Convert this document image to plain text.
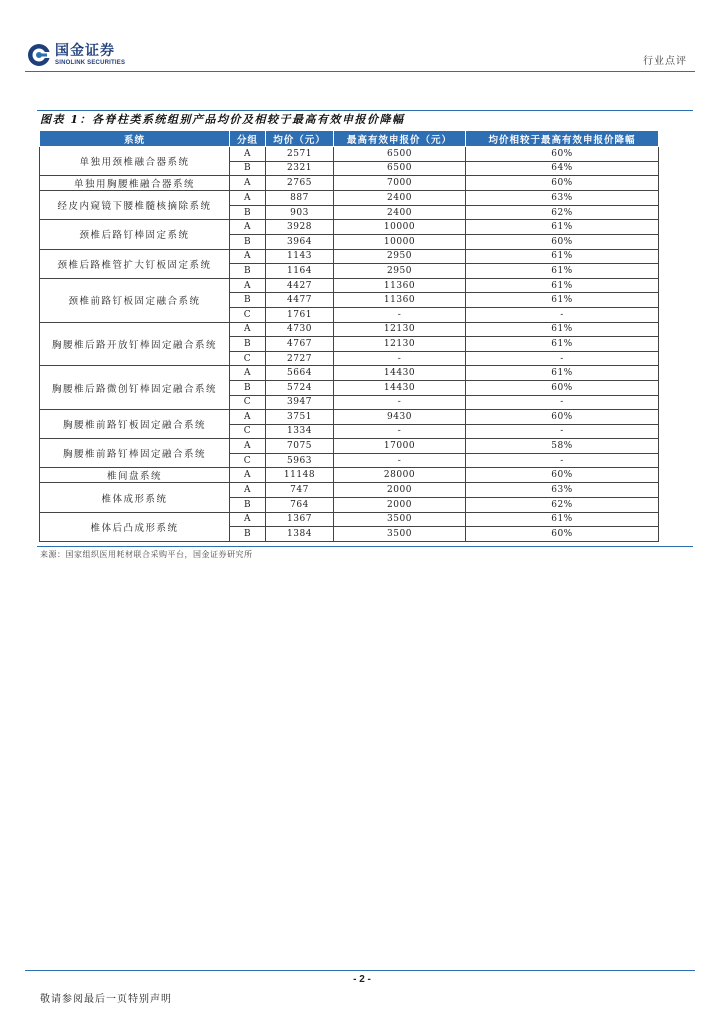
国金证券
SINOLINK SECURITIES	行业点评
图表 1：各脊柱类系统组别产品均价及相较于最高有效申报价降幅
系统	分组	均价（元）	最高有效申报价（元）	均价相较于最高有效申报价降幅
单独用颈椎融合器系统	A	2571	6500	60%
	B	2321	6500	64%
单独用胸腰椎融合器系统	A	2765	7000	60%
经皮内窥镜下腰椎髓核摘除系统	A	887	2400	63%
	B	903	2400	62%
颈椎后路钉棒固定系统	A	3928	10000	61%
	B	3964	10000	60%
颈椎后路椎管扩大钉板固定系统	A	1143	2950	61%
	B	1164	2950	61%
颈椎前路钉板固定融合系统	A	4427	11360	61%
	B	4477	11360	61%
	C	1761	-	-
胸腰椎后路开放钉棒固定融合系统	A	4730	12130	61%
	B	4767	12130	61%
	C	2727	-	-
胸腰椎后路微创钉棒固定融合系统	A	5664	14430	61%
	B	5724	14430	60%
	C	3947	-	-
胸腰椎前路钉板固定融合系统	A	3751	9430	60%
	C	1334	-	-
胸腰椎前路钉棒固定融合系统	A	7075	17000	58%
	C	5963	-	-
椎间盘系统	A	11148	28000	60%
椎体成形系统	A	747	2000	63%
	B	764	2000	62%
椎体后凸成形系统	A	1367	3500	61%
	B	1384	3500	60%
来源：国家组织医用耗材联合采购平台，国金证券研究所
- 2 -
敬请参阅最后一页特别声明
